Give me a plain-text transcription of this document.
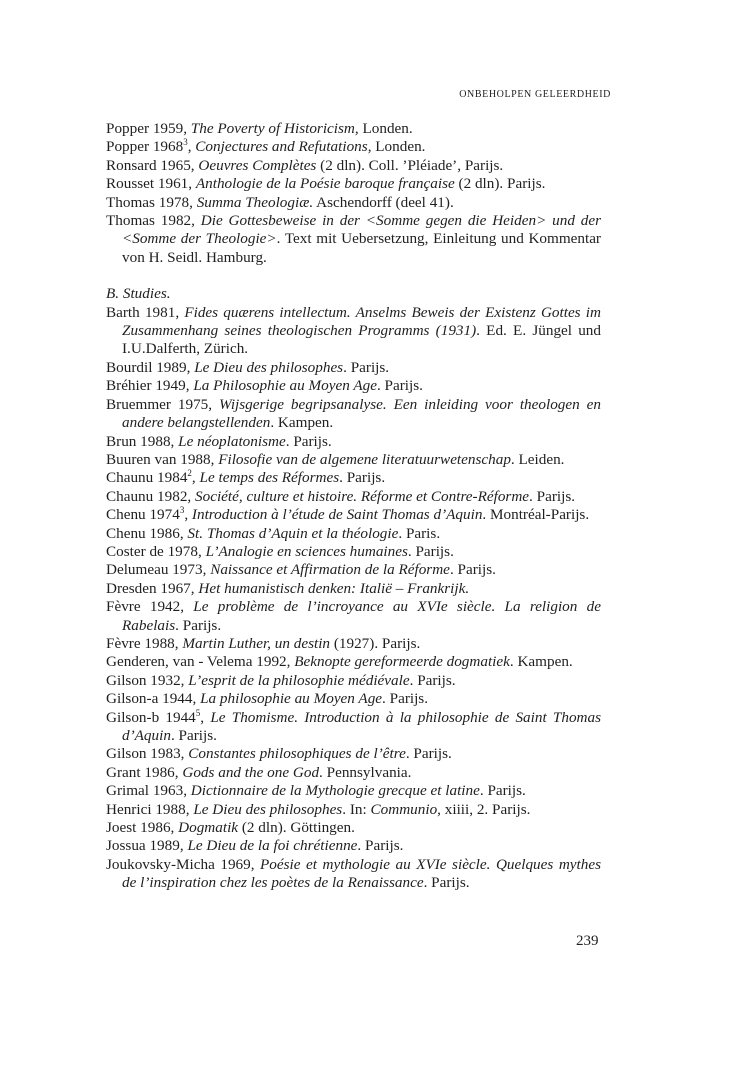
ONBEHOLPEN GELEERDHEID

Popper 1959, The Poverty of Historicism, Londen.

Popper 1968$^3$, Conjectures and Refutations, Londen.

Ronsard 1965, Oeuvres Complètes (2 dln). Coll. ’Pléiade’, Parijs.

Rousset 1961, Anthologie de la Poésie baroque française (2 dln). Parijs.

Thomas 1978, Summa Theologiæ. Aschendorff (deel 41).

Thomas 1982, Die Gottesbeweise in der <Somme gegen die Heiden> und der <Somme der Theologie>. Text mit Uebersetzung, Einleitung und Kommentar von H. Seidl. Hamburg.

B. Studies.

Barth 1981, Fides quærens intellectum. Anselms Beweis der Existenz Gottes im Zusammenhang seines theologischen Programms (1931). Ed. E. Jüngel und I.U.Dalferth, Zürich.

Bourdil 1989, Le Dieu des philosophes. Parijs.

Bréhier 1949, La Philosophie au Moyen Age. Parijs.

Bruemmer 1975, Wijsgerige begripsanalyse. Een inleiding voor theologen en andere belangstellenden. Kampen.

Brun 1988, Le néoplatonisme. Parijs.

Buuren van 1988, Filosofie van de algemene literatuurwetenschap. Leiden.

Chaunu 1984$^2$, Le temps des Réformes. Parijs.

Chaunu 1982, Société, culture et histoire. Réforme et Contre-Réforme. Parijs.

Chenu 1974$^3$, Introduction à l’étude de Saint Thomas d’Aquin. Montréal-Parijs.

Chenu 1986, St. Thomas d’Aquin et la théologie. Paris.

Coster de 1978, L’Analogie en sciences humaines. Parijs.

Delumeau 1973, Naissance et Affirmation de la Réforme. Parijs.

Dresden 1967, Het humanistisch denken: Italië – Frankrijk.

Fèvre 1942, Le problème de l’incroyance au XVIe siècle. La religion de Rabelais. Parijs.

Fèvre 1988, Martin Luther, un destin (1927). Parijs.

Genderen, van - Velema 1992, Beknopte gereformeerde dogmatiek. Kampen.

Gilson 1932, L’esprit de la philosophie médiévale. Parijs.

Gilson-a 1944, La philosophie au Moyen Age. Parijs.

Gilson-b 1944$^5$, Le Thomisme. Introduction à la philosophie de Saint Thomas d’Aquin. Parijs.

Gilson 1983, Constantes philosophiques de l’être. Parijs.

Grant 1986, Gods and the one God. Pennsylvania.

Grimal 1963, Dictionnaire de la Mythologie grecque et latine. Parijs.

Henrici 1988, Le Dieu des philosophes. In: Communio, xiiii, 2. Parijs.

Joest 1986, Dogmatik (2 dln). Göttingen.

Jossua 1989, Le Dieu de la foi chrétienne. Parijs.

Joukovsky-Micha 1969, Poésie et mythologie au XVIe siècle. Quelques mythes de l’inspiration chez les poètes de la Renaissance. Parijs.

239
